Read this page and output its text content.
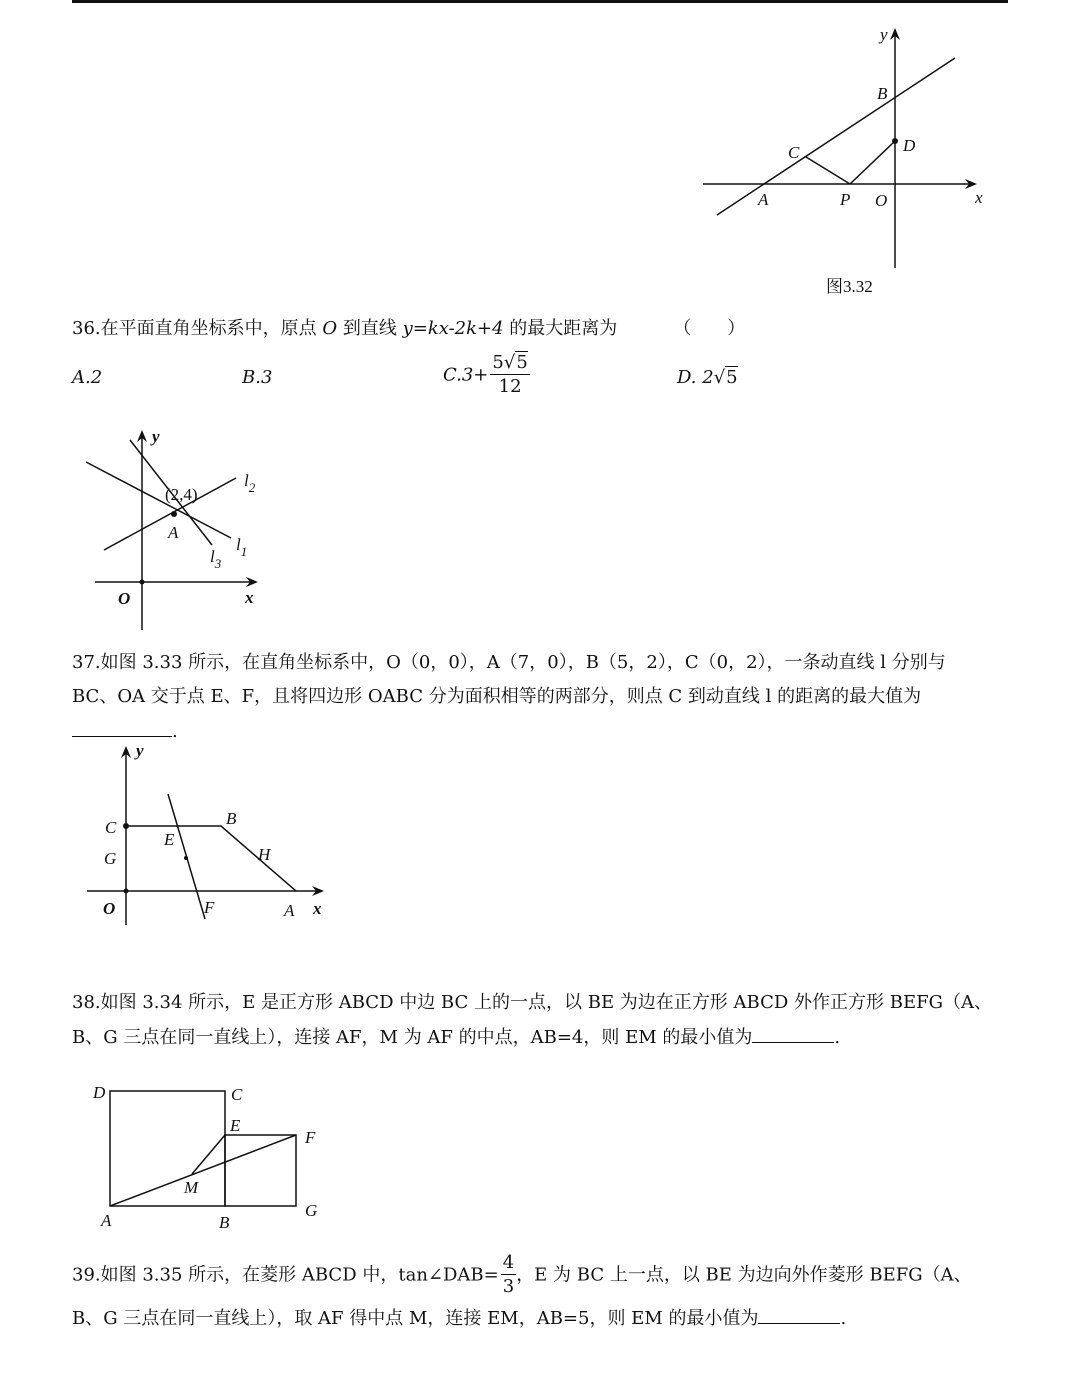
y
B
C	D
A	P O	x
图3.32
36.在平面直角坐标系中，原点 O 到直线 y=kx-2k+4 的最大距离为	（　　）
A.2	B.3	$C.3+ \frac{5√5}{12}$	D. 2√5
y
(2,4)
$l_2$
A
$l_1$
$l_3$
O	x
37.如图 3.33 所示，在直角坐标系中，O（0，0），A（7，0），B（5，2），C（0，2），一条动直线 l 分别与
BC、OA 交于点 E、F，且将四边形 OABC 分为面积相等的两部分，则点 C 到动直线 l 的距离的最大值为
.
y
C	B
E
G	H
O	F	A x
38.如图 3.34 所示，E 是正方形 ABCD 中边 BC 上的一点，以 BE 为边在正方形 ABCD 外作正方形 BEFG（A、
B、G 三点在同一直线上），连接 AF，M 为 AF 的中点，AB=4，则 EM 的最小值为	.
D	C
E
F
M
A	B
G
39.如图 3.35 所示，在菱形 ABCD 中，tan∠DAB= $\frac{4}{3}$ ，E 为 BC 上一点，以 BE 为边向外作菱形 BEFG（A、
B、G 三点在同一直线上），取 AF 得中点 M，连接 EM，AB=5，则 EM 的最小值为	.
